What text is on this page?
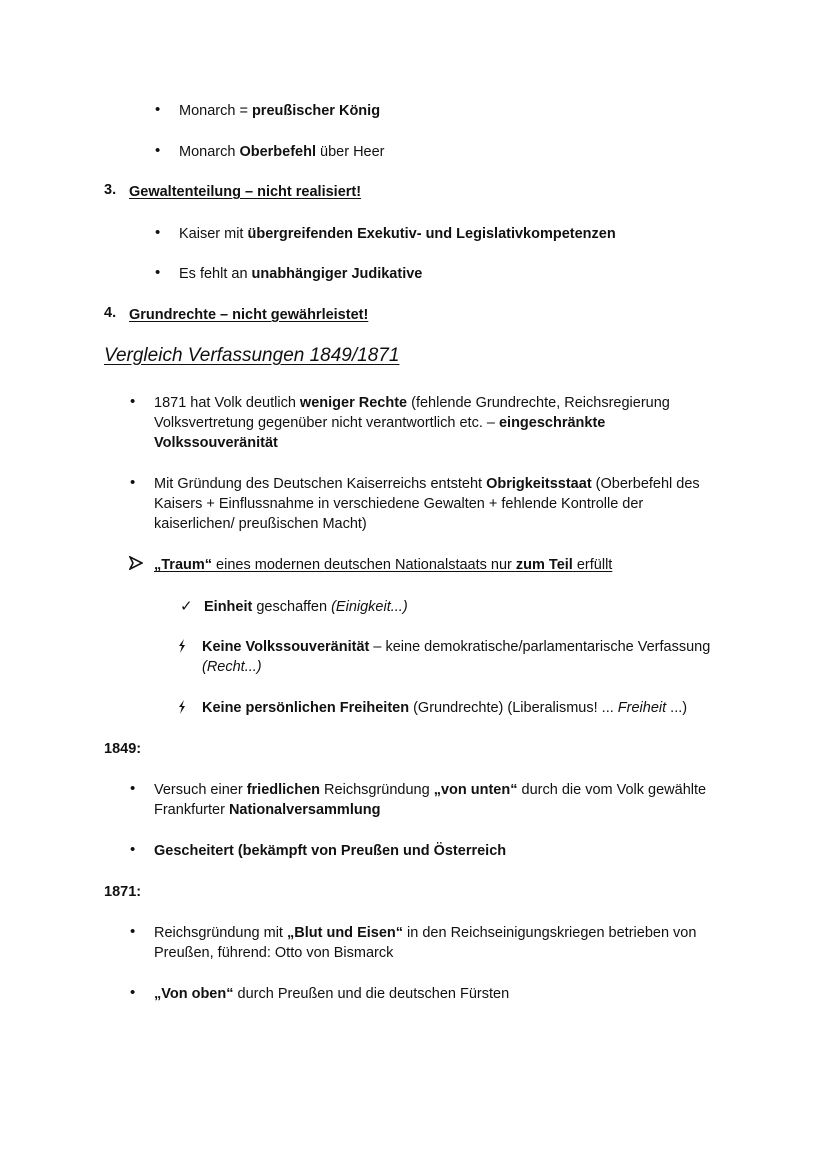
• Monarch = preußischer König
• Monarch Oberbefehl über Heer
3. Gewaltenteilung – nicht realisiert!
• Kaiser mit übergreifenden Exekutiv- und Legislativkompetenzen
• Es fehlt an unabhängiger Judikative
4. Grundrechte – nicht gewährleistet!
Vergleich Verfassungen 1849/1871
• 1871 hat Volk deutlich weniger Rechte (fehlende Grundrechte, Reichsregierung
Volksvertretung gegenüber nicht verantwortlich etc. – eingeschränkte
Volkssouveränität
• Mit Gründung des Deutschen Kaiserreichs entsteht Obrigkeitsstaat (Oberbefehl des
Kaisers + Einflussnahme in verschiedene Gewalten + fehlende Kontrolle der
kaiserlichen/ preußischen Macht)
„Traum“ eines modernen deutschen Nationalstaats nur zum Teil erfüllt
✓ Einheit geschaffen (Einigkeit...)
Keine Volkssouveränität – keine demokratische/parlamentarische Verfassung
(Recht...)
Keine persönlichen Freiheiten (Grundrechte) (Liberalismus! ... Freiheit ...)
1849:
• Versuch einer friedlichen Reichsgründung „von unten“ durch die vom Volk gewählte
Frankfurter Nationalversammlung
• Gescheitert (bekämpft von Preußen und Österreich
1871:
• Reichsgründung mit „Blut und Eisen“ in den Reichseinigungskriegen betrieben von
Preußen, führend: Otto von Bismarck
• „Von oben“ durch Preußen und die deutschen Fürsten
